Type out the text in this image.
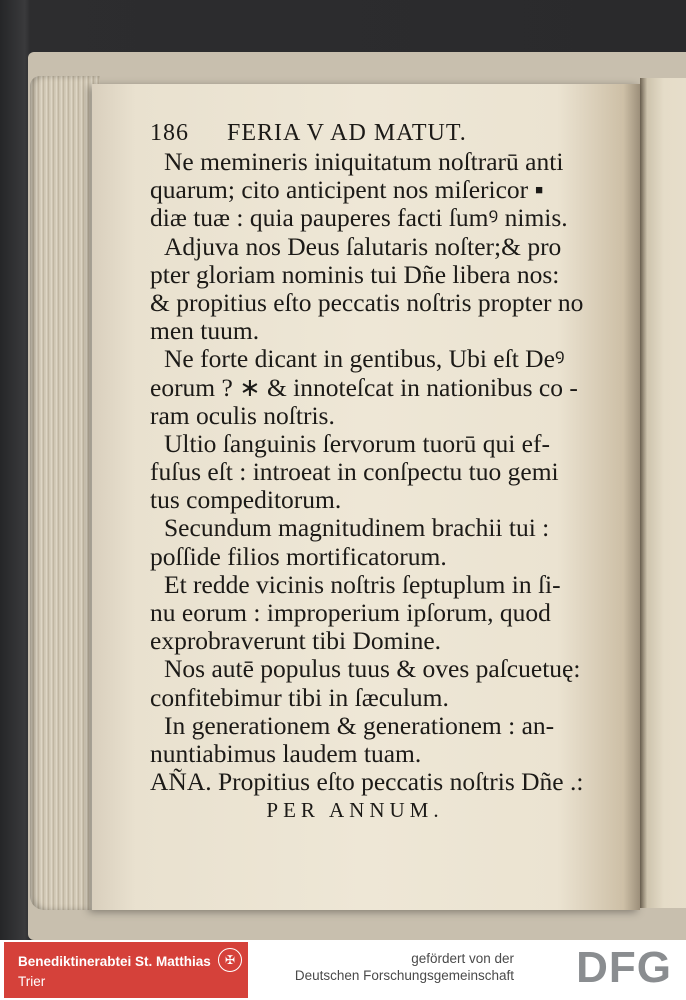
186 FERIA V AD MATUT.
Ne memineris iniquitatum noſtrarū anti
quarum; cito anticipent nos miſericor ▪
diæ tuæ : quia pauperes facti ſumꝰ nimis.
Adjuva nos Deus ſalutaris noſter;& pro
pter gloriam nominis tui Dñe libera nos:
& propitius eſto peccatis noſtris propter no
men tuum.
Ne forte dicant in gentibus, Ubi eſt Deꝰ
eorum ? ∗ & innoteſcat in nationibus co -
ram oculis noſtris.
Ultio ſanguinis ſervorum tuorū qui ef-
fuſus eſt : introeat in conſpectu tuo gemi
tus compeditorum.
Secundum magnitudinem brachii tui :
poſſide filios mortificatorum.
Et redde vicinis noſtris ſeptuplum in ſi-
nu eorum : improperium ipſorum, quod
exprobraverunt tibi Domine.
Nos autē populus tuus & oves paſcuetuę:
confitebimur tibi in ſæculum.
In generationem & generationem : an-
nuntiabimus laudem tuam.
AÑA. Propitius eſto peccatis noſtris Dñe .:
PER ANNUM.
Benediktinerabtei St. Matthias
Trier
✠	gefördert von der
Deutschen Forschungsgemeinschaft DFG
